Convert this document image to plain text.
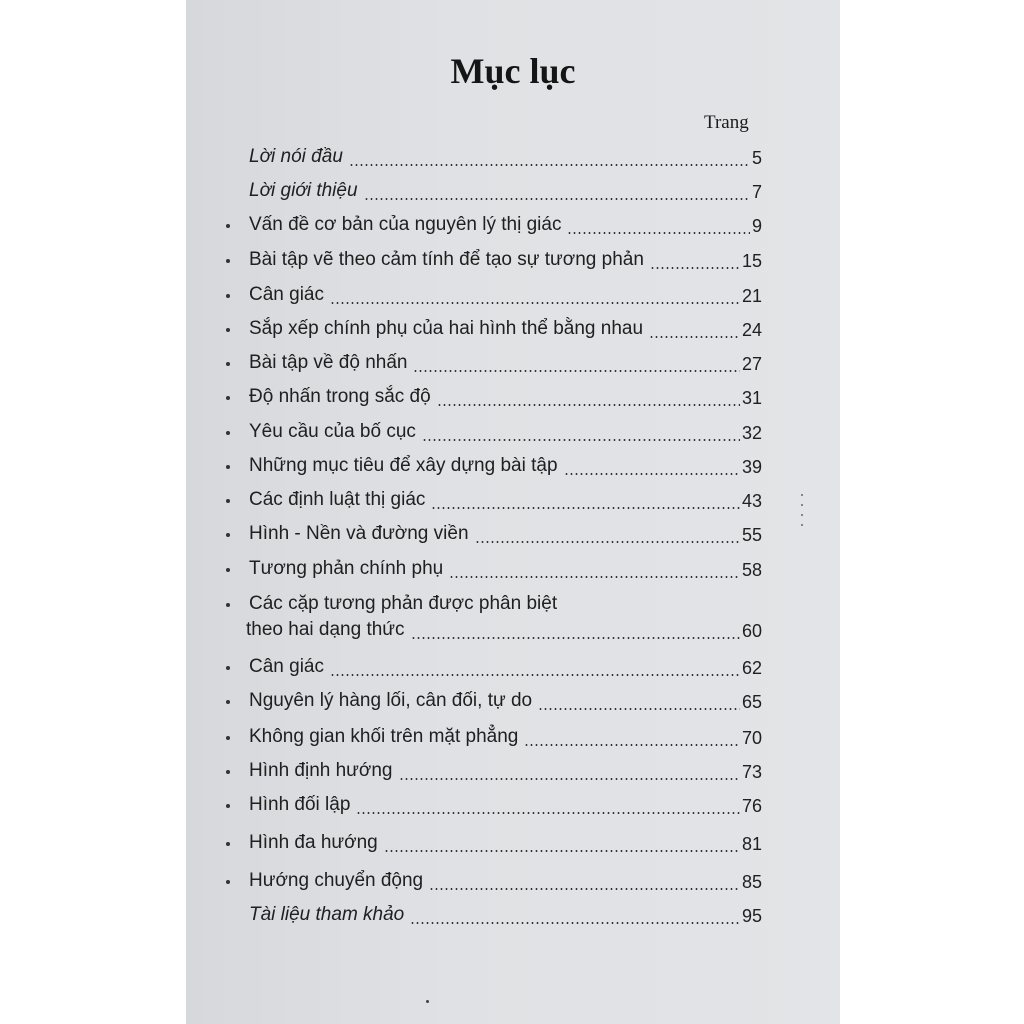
Mục lục
Trang
Lời nói đầu	5
Lời giới thiệu	7
Vấn đề cơ bản của nguyên lý thị giác	9
Bài tập vẽ theo cảm tính để tạo sự tương phản	15
Cân giác	21
Sắp xếp chính phụ của hai hình thể bằng nhau	24
Bài tập về độ nhấn	27
Độ nhấn trong sắc độ	31
Yêu cầu của bố cục	32
Những mục tiêu để xây dựng bài tập	39
Các định luật thị giác	43
Hình - Nền và đường viền	55
Tương phản chính phụ	58
Các cặp tương phản được phân biệt
theo hai dạng thức	60
Cân giác	62
Nguyên lý hàng lối, cân đối, tự do	65
Không gian khối trên mặt phẳng	70
Hình định hướng	73
Hình đối lập	76
Hình đa hướng	81
Hướng chuyển động	85
Tài liệu tham khảo	95
